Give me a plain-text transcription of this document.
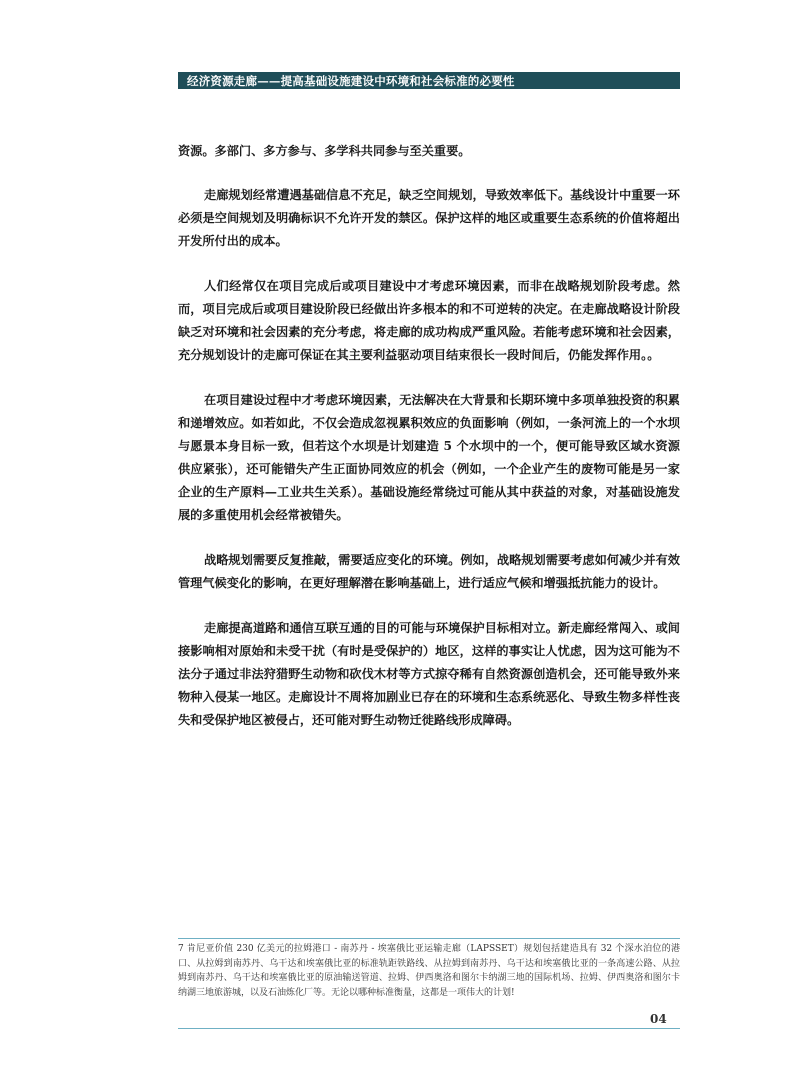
经济资源走廊——提高基础设施建设中环境和社会标准的必要性

资源。多部门、多方参与、多学科共同参与至关重要。

走廊规划经常遭遇基础信息不充足，缺乏空间规划，导致效率低下。基线设计中重要一环必须是空间规划及明确标识不允许开发的禁区。保护这样的地区或重要生态系统的价值将超出开发所付出的成本。

人们经常仅在项目完成后或项目建设中才考虑环境因素，而非在战略规划阶段考虑。然而，项目完成后或项目建设阶段已经做出许多根本的和不可逆转的决定。在走廊战略设计阶段缺乏对环境和社会因素的充分考虑，将走廊的成功构成严重风险。若能考虑环境和社会因素，充分规划设计的走廊可保证在其主要利益驱动项目结束很长一段时间后，仍能发挥作用。。

在项目建设过程中才考虑环境因素，无法解决在大背景和长期环境中多项单独投资的积累和递增效应。如若如此，不仅会造成忽视累积效应的负面影响（例如，一条河流上的一个水坝与愿景本身目标一致，但若这个水坝是计划建造 5 个水坝中的一个，便可能导致区域水资源供应紧张），还可能错失产生正面协同效应的机会（例如，一个企业产生的废物可能是另一家企业的生产原料—工业共生关系）。基础设施经常绕过可能从其中获益的对象，对基础设施发展的多重使用机会经常被错失。

战略规划需要反复推敲，需要适应变化的环境。例如，战略规划需要考虑如何减少并有效管理气候变化的影响，在更好理解潜在影响基础上，进行适应气候和增强抵抗能力的设计。

走廊提高道路和通信互联互通的目的可能与环境保护目标相对立。新走廊经常闯入、或间接影响相对原始和未受干扰（有时是受保护的）地区，这样的事实让人忧虑，因为这可能为不法分子通过非法狩猎野生动物和砍伐木材等方式掠夺稀有自然资源创造机会，还可能导致外来物种入侵某一地区。走廊设计不周将加剧业已存在的环境和生态系统恶化、导致生物多样性丧失和受保护地区被侵占，还可能对野生动物迁徙路线形成障碍。

7 肯尼亚价值 230 亿美元的拉姆港口 - 南苏丹 - 埃塞俄比亚运输走廊（LAPSSET）规划包括建造具有 32 个深水泊位的港口、从拉姆到南苏丹、乌干达和埃塞俄比亚的标准轨距铁路线、从拉姆到南苏丹、乌干达和埃塞俄比亚的一条高速公路、从拉姆到南苏丹、乌干达和埃塞俄比亚的原油输送管道、拉姆、伊西奥洛和图尔卡纳湖三地的国际机场、拉姆、伊西奥洛和图尔卡纳湖三地旅游城，以及石油炼化厂等。无论以哪种标准衡量，这都是一项伟大的计划!
04
